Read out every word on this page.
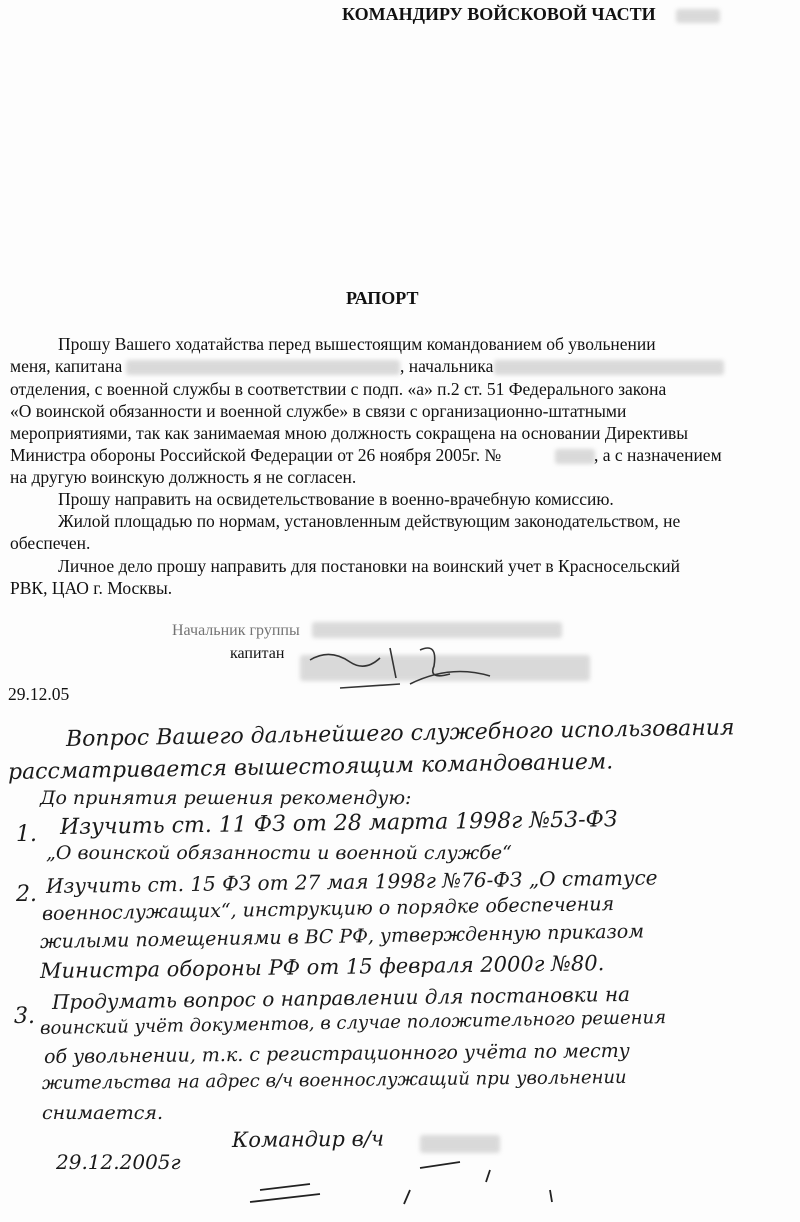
КОМАНДИРУ ВОЙСКОВОЙ ЧАСТИ
РАПОРТ
Прошу Вашего ходатайства перед вышестоящим командованием об увольнении
меня, капитана	, начальника
отделения, с военной службы в соответствии с подп. «а» п.2 ст. 51 Федерального закона
«О воинской обязанности и военной службе» в связи с организационно-штатными
мероприятиями, так как занимаемая мною должность сокращена на основании Директивы
Министра обороны Российской Федерации от 26 ноября 2005г. №	, а с назначением
на другую воинскую должность я не согласен.
Прошу направить на освидетельствование в военно-врачебную комиссию.
Жилой площадью по нормам, установленным действующим законодательством, не
обеспечен.
Личное дело прошу направить для постановки на воинский учет в Красносельский
РВК, ЦАО г. Москвы.
Начальник группы
капитан
29.12.05
Вопрос Вашего дальнейшего служебного использования
рассматривается вышестоящим командованием.
До принятия решения рекомендую:
1. Изучить ст. 11 ФЗ от 28 марта 1998г №53-ФЗ
„О воинской обязанности и военной службе“
2. Изучить ст. 15 ФЗ от 27 мая 1998г №76-ФЗ „О статусе
военнослужащих“, инструкцию о порядке обеспечения
жилыми помещениями в ВС РФ, утвержденную приказом
Министра обороны РФ от 15 февраля 2000г №80.
3.
Продумать вопрос о направлении для постановки на
воинский учёт документов, в случае положительного решения
об увольнении, т.к. с регистрационного учёта по месту
жительства на адрес в/ч военнослужащий при увольнении
снимается.
Командир в/ч
29.12.2005г
